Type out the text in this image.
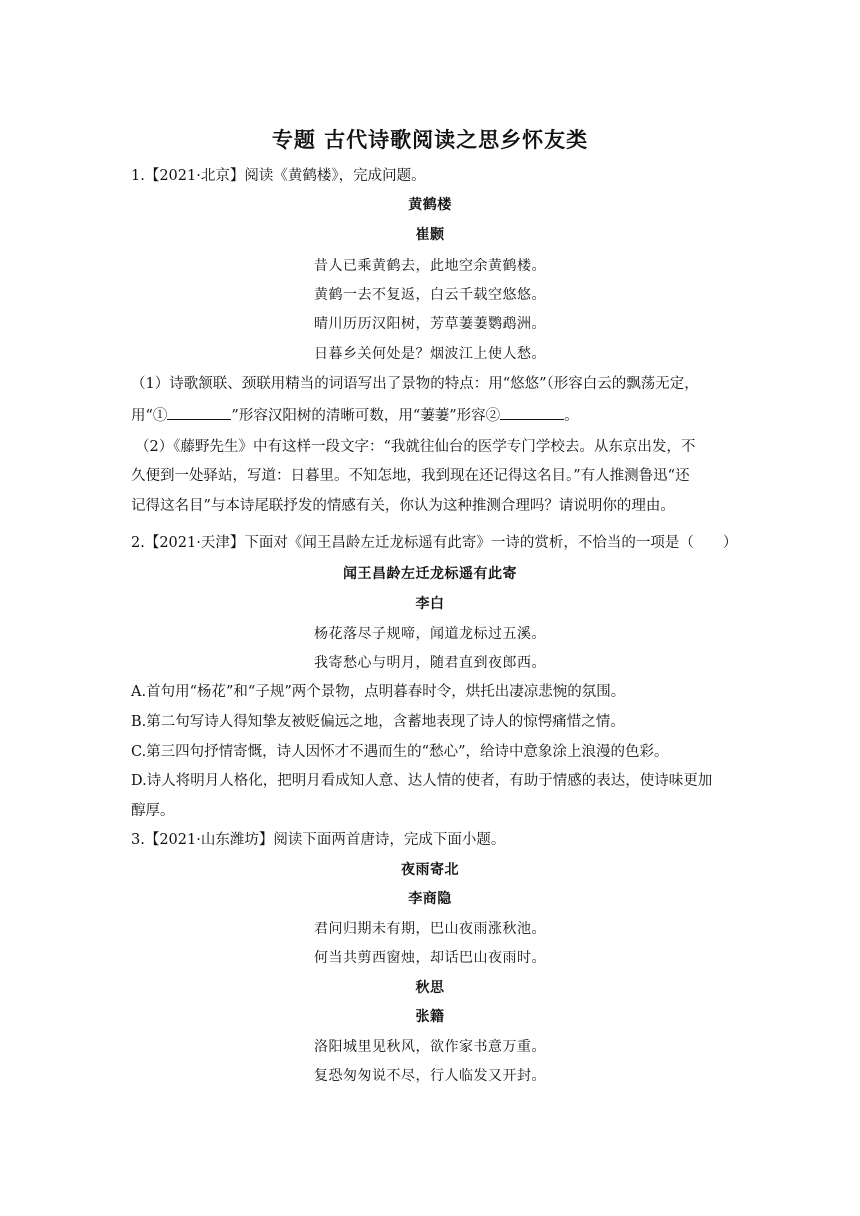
专题 古代诗歌阅读之思乡怀友类
1.【2021·北京】阅读《黄鹤楼》，完成问题。
黄鹤楼
崔颢
昔人已乘黄鹤去，此地空余黄鹤楼。
黄鹤一去不复返，白云千载空悠悠。
晴川历历汉阳树，芳草萋萋鹦鹉洲。
日暮乡关何处是？烟波江上使人愁。
（1）诗歌颔联、颈联用精当的词语写出了景物的特点：用“悠悠”（形容白云的飘荡无定，
用“①	”形容汉阳树的清晰可数，用“萋萋”形容②	。
（2）《藤野先生》中有这样一段文字：“我就往仙台的医学专门学校去。从东京出发，不
久便到一处驿站，写道：日暮里。不知怎地，我到现在还记得这名目。”有人推测鲁迅“还
记得这名目”与本诗尾联抒发的情感有关，你认为这种推测合理吗？请说明你的理由。
2.【2021·天津】下面对《闻王昌龄左迁龙标遥有此寄》一诗的赏析，不恰当的一项是（　　）
闻王昌龄左迁龙标遥有此寄
李白
杨花落尽子规啼，闻道龙标过五溪。
我寄愁心与明月，随君直到夜郎西。
A.首句用“杨花”和“子规”两个景物，点明暮春时令，烘托出凄凉悲惋的氛围。
B.第二句写诗人得知挚友被贬偏远之地，含蓄地表现了诗人的惊愕痛惜之情。
C.第三四句抒情寄慨，诗人因怀才不遇而生的“愁心”，给诗中意象涂上浪漫的色彩。
D.诗人将明月人格化，把明月看成知人意、达人情的使者，有助于情感的表达，使诗味更加
醇厚。
3.【2021·山东潍坊】阅读下面两首唐诗，完成下面小题。
夜雨寄北
李商隐
君问归期未有期，巴山夜雨涨秋池。
何当共剪西窗烛，却话巴山夜雨时。
秋思
张籍
洛阳城里见秋风，欲作家书意万重。
复恐匆匆说不尽，行人临发又开封。
